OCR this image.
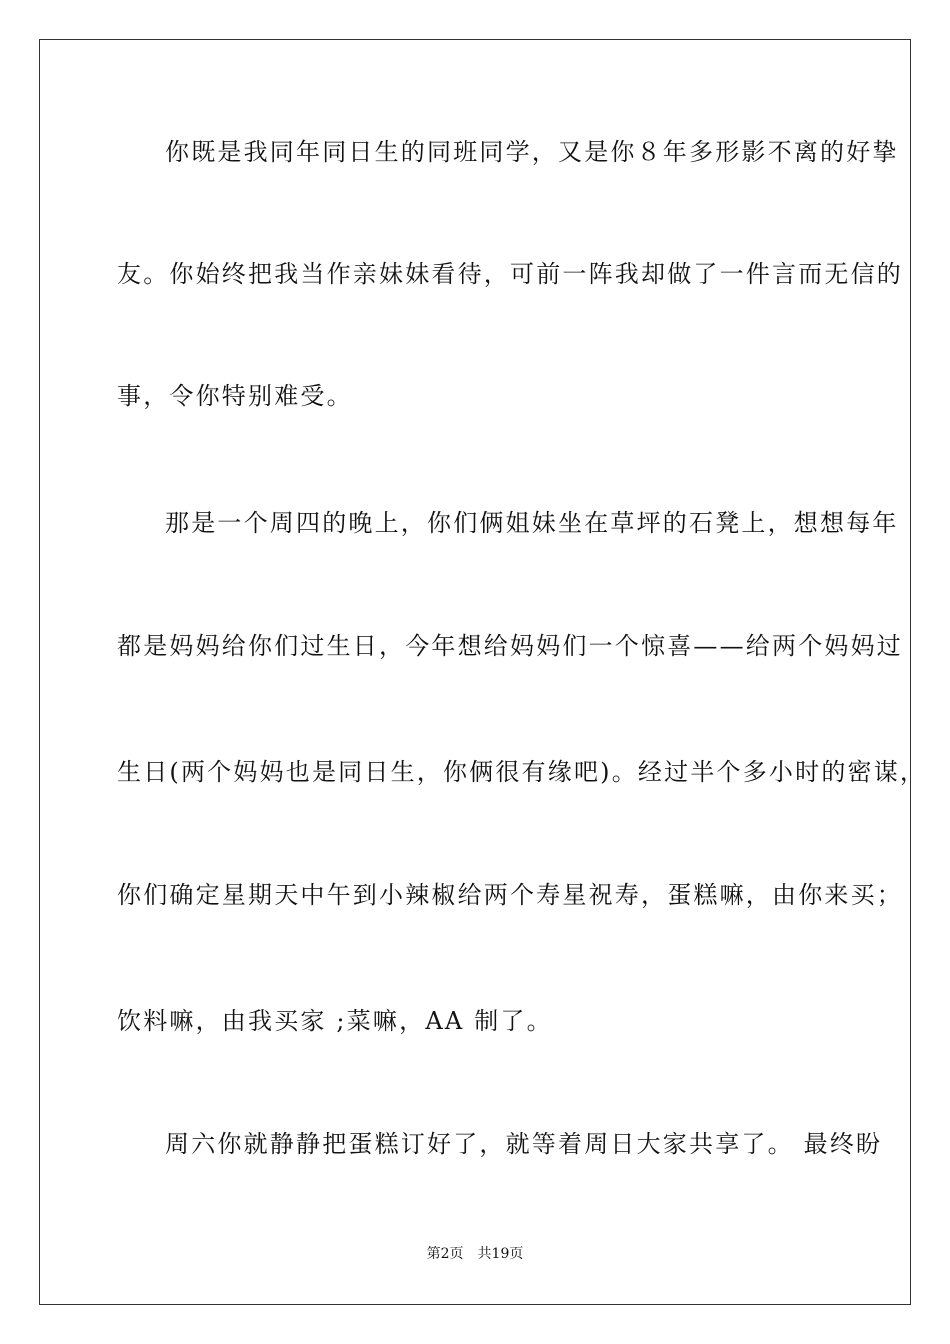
你既是我同年同日生的同班同学，又是你８年多形影不离的好挚
友。你始终把我当作亲妹妹看待，可前一阵我却做了一件言而无信的
事，令你特别难受。
那是一个周四的晚上，你们俩姐妹坐在草坪的石凳上，想想每年
都是妈妈给你们过生日，今年想给妈妈们一个惊喜——给两个妈妈过
生日(两个妈妈也是同日生，你俩很有缘吧)。经过半个多小时的密谋，
你们确定星期天中午到小辣椒给两个寿星祝寿，蛋糕嘛，由你来买；
饮料嘛，由我买家 ;菜嘛，AA 制了。
周六你就静静把蛋糕订好了，就等着周日大家共享了。 最终盼
第2页 共19页
